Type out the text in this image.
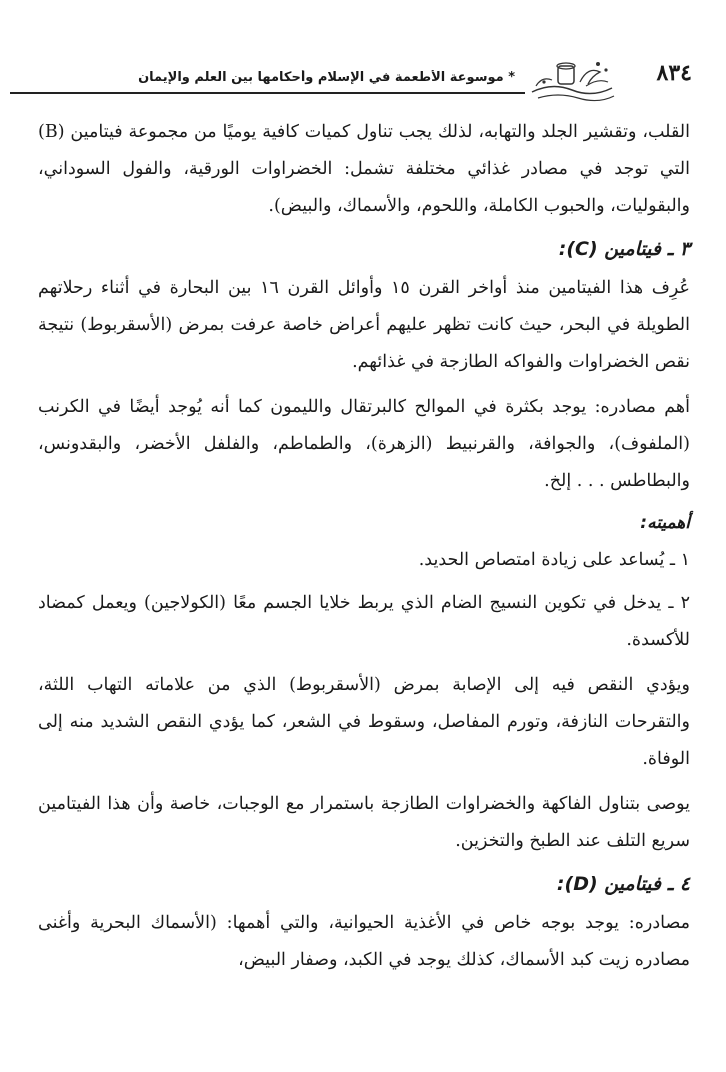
٨٣٤
* موسوعة الأطعمة في الإسلام وأحكامها بين العلم والإيمان

القلب، وتقشير الجلد والتهابه، لذلك يجب تناول كميات كافية يوميًا من مجموعة فيتامين (B) التي توجد في مصادر غذائي مختلفة تشمل: الخضراوات الورقية، والفول السوداني، والبقوليات، والحبوب الكاملة، واللحوم، والأسماك، والبيض).

٣ ـ فيتامين (C):

عُرِف هذا الفيتامين منذ أواخر القرن ١٥ وأوائل القرن ١٦ بين البحارة في أثناء رحلاتهم الطويلة في البحر، حيث كانت تظهر عليهم أعراض خاصة عرفت بمرض (الأسقربوط) نتيجة نقص الخضراوات والفواكه الطازجة في غذائهم.

أهم مصادره: يوجد بكثرة في الموالح كالبرتقال والليمون كما أنه يُوجد أيضًا في الكرنب (الملفوف)، والجوافة، والقرنبيط (الزهرة)، والطماطم، والفلفل الأخضر، والبقدونس، والبطاطس . . . إلخ.

أهميته:
١ ـ يُساعد على زيادة امتصاص الحديد.
٢ ـ يدخل في تكوين النسيج الضام الذي يربط خلايا الجسم معًا (الكولاجين) ويعمل كمضاد للأكسدة.

ويؤدي النقص فيه إلى الإصابة بمرض (الأسقربوط) الذي من علاماته التهاب اللثة، والتقرحات النازفة، وتورم المفاصل، وسقوط في الشعر، كما يؤدي النقص الشديد منه إلى الوفاة.

يوصى بتناول الفاكهة والخضراوات الطازجة باستمرار مع الوجبات، خاصة وأن هذا الفيتامين سريع التلف عند الطبخ والتخزين.

٤ ـ فيتامين (D):

مصادره: يوجد بوجه خاص في الأغذية الحيوانية، والتي أهمها: (الأسماك البحرية وأغنى مصادره زيت كبد الأسماك، كذلك يوجد في الكبد، وصفار البيض،
